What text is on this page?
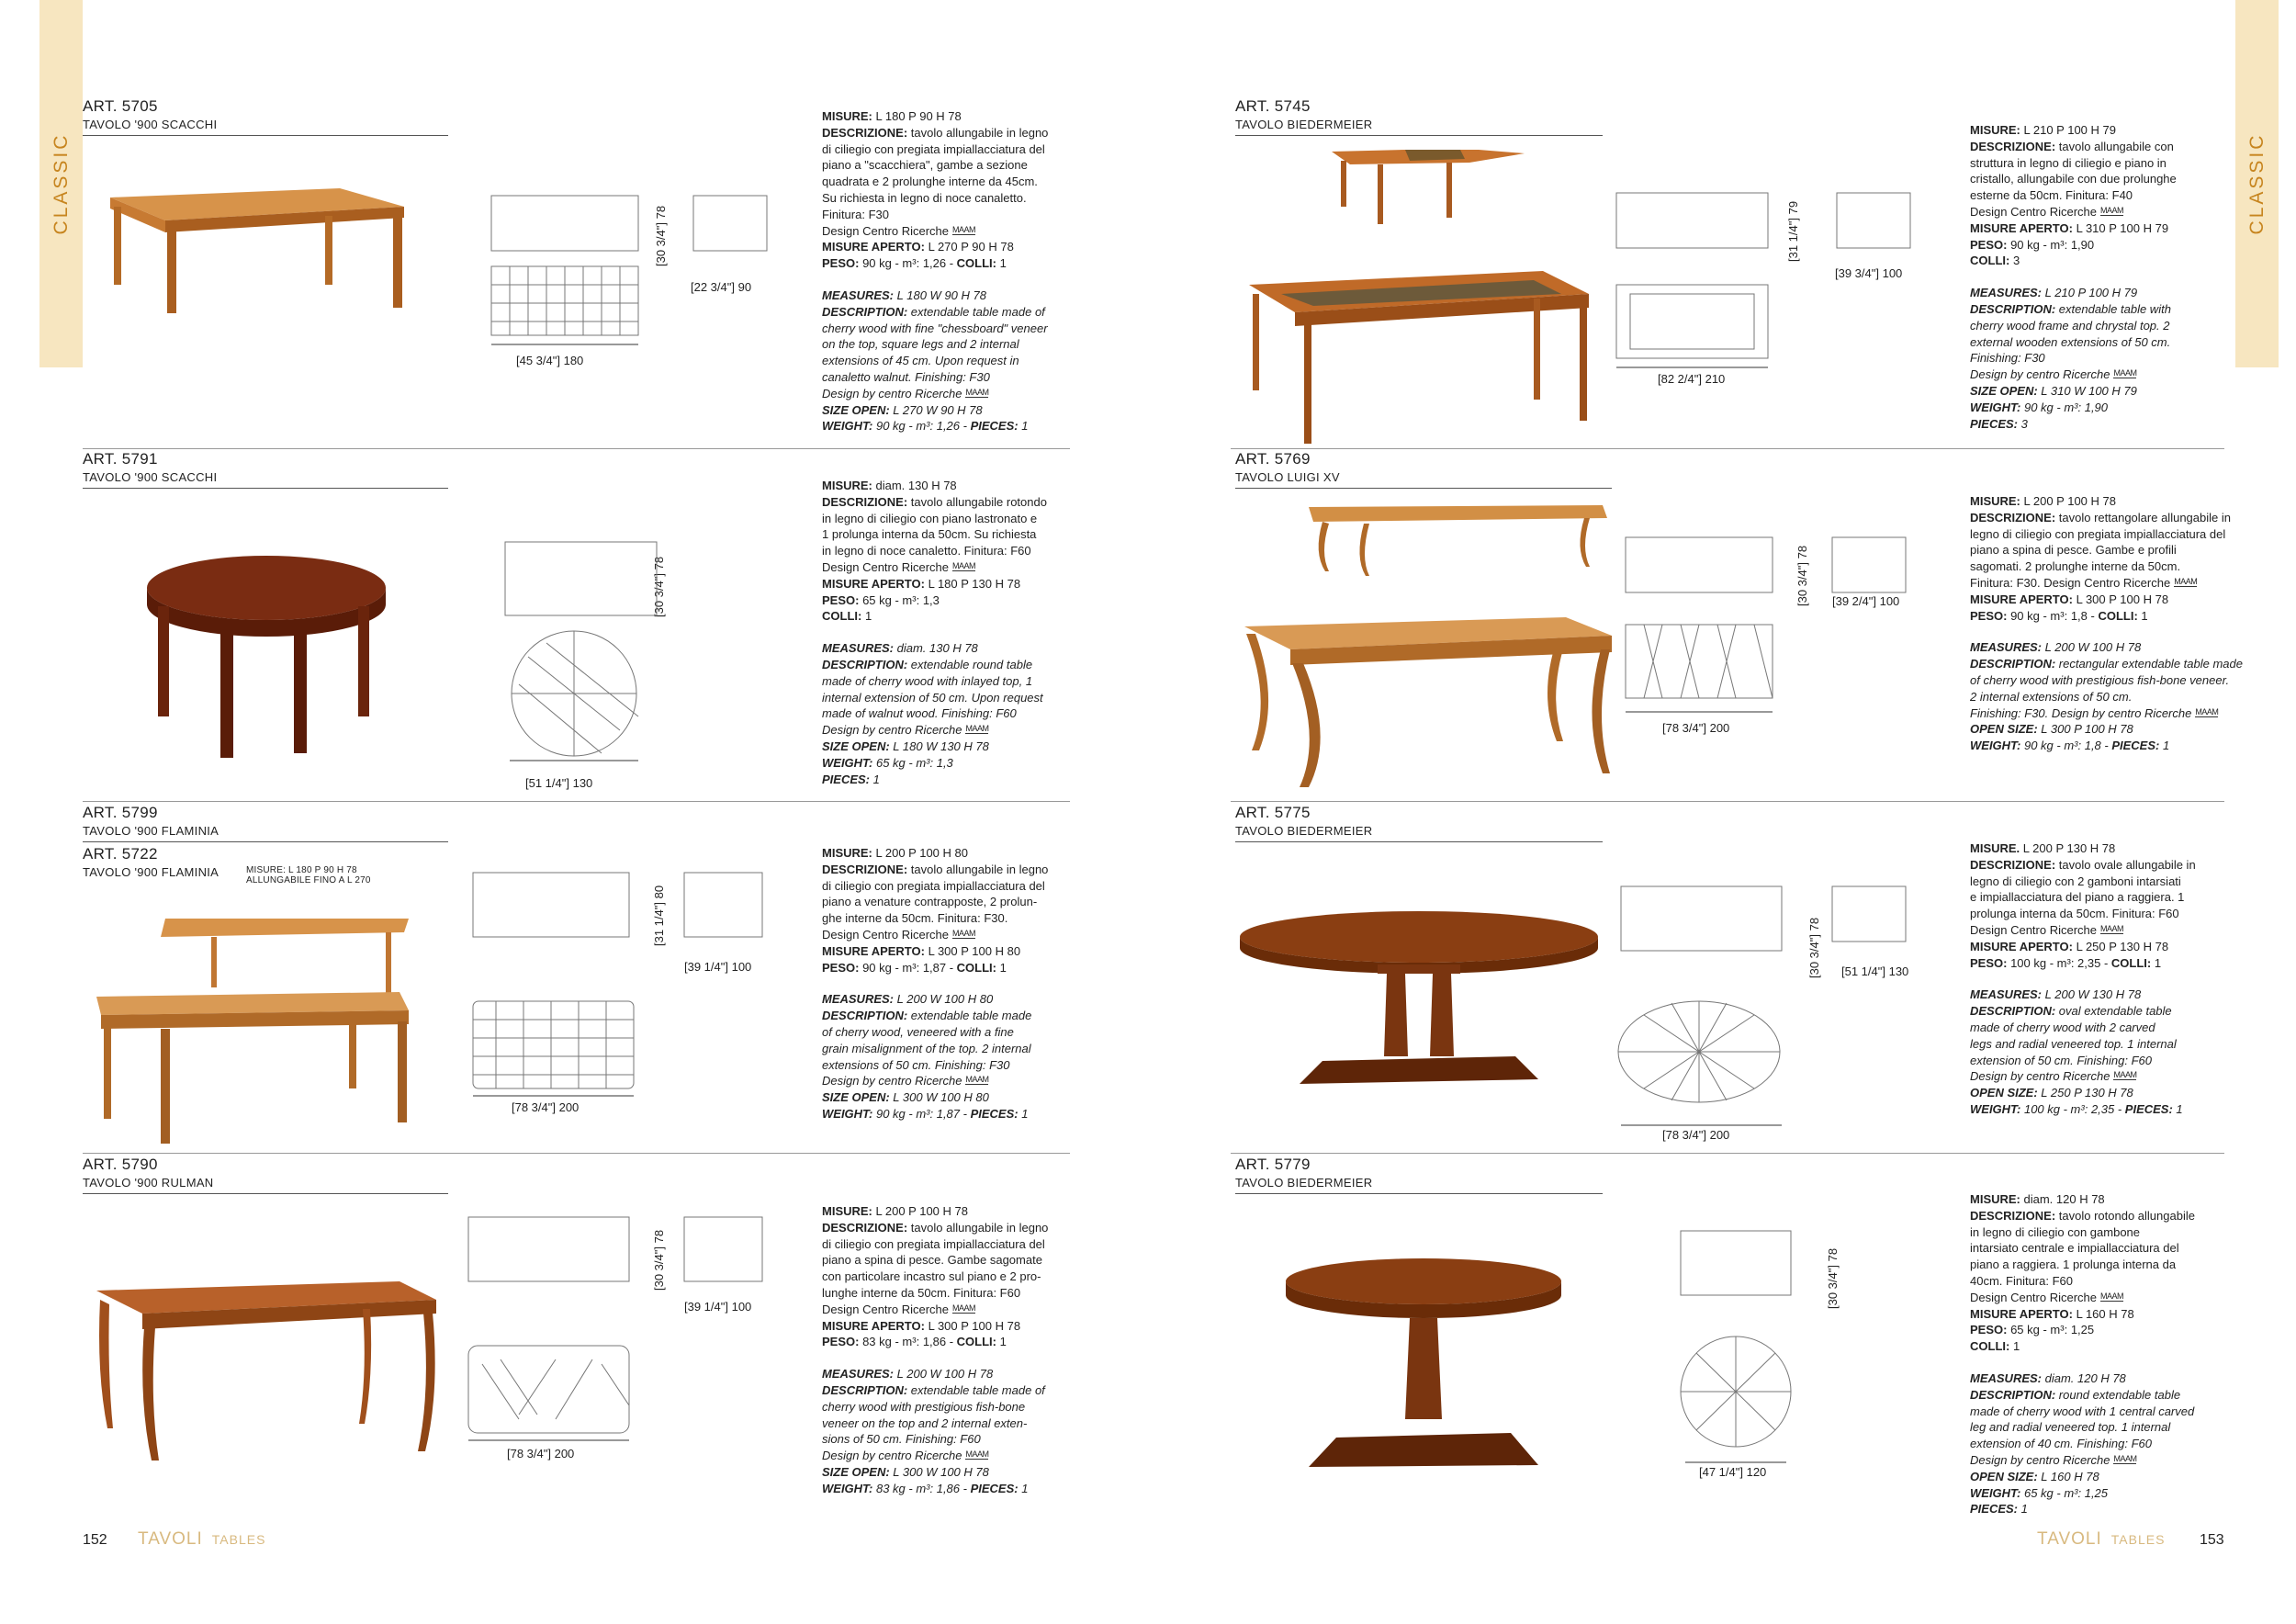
CLASSIC	CLASSIC
ART. 5705
TAVOLO '900 SCACCHI
ART. 5791
TAVOLO '900 SCACCHI
ART. 5799
TAVOLO '900 FLAMINIA
ART. 5790
TAVOLO '900 RULMAN
ART. 5745
TAVOLO BIEDERMEIER
ART. 5769
TAVOLO LUIGI XV
ART. 5775
TAVOLO BIEDERMEIER
ART. 5779
TAVOLO BIEDERMEIER

MISURE: L 180 P 90 H 78

DESCRIZIONE: tavolo allungabile in legno

di ciliegio con pregiata impiallacciatura del

piano a "scacchiera", gambe a sezione

quadrata e 2 prolunghe interne da 45cm.

Su richiesta in legno di noce canaletto.

Finitura: F30

Design Centro Ricerche MAAM

MISURE APERTO: L 270 P 90 H 78

PESO: 90 kg - m³: 1,26 - COLLI: 1

MEASURES: L 180 W 90 H 78

DESCRIPTION: extendable table made of

cherry wood with fine "chessboard" veneer

on the top, square legs and 2 internal

extensions of 45 cm. Upon request in

canaletto walnut. Finishing: F30

Design by centro Ricerche MAAM

SIZE OPEN: L 270 W 90 H 78

WEIGHT: 90 kg - m³: 1,26 - PIECES: 1

MISURE: diam. 130 H 78

DESCRIZIONE: tavolo allungabile rotondo

in legno di ciliegio con piano lastronato e

1 prolunga interna da 50cm. Su richiesta

in legno di noce canaletto. Finitura: F60

Design Centro Ricerche MAAM

MISURE APERTO: L 180 P 130 H 78

PESO: 65 kg - m³: 1,3

COLLI: 1

MEASURES: diam. 130 H 78

DESCRIPTION: extendable round table

made of cherry wood with inlayed top, 1

internal extension of 50 cm. Upon request

made of walnut wood. Finishing: F60

Design by centro Ricerche MAAM

SIZE OPEN: L 180 W 130 H 78

WEIGHT: 65 kg - m³: 1,3

PIECES: 1

MISURE: L 200 P 100 H 80

DESCRIZIONE: tavolo allungabile in legno

di ciliegio con pregiata impiallacciatura del

piano a venature contrapposte, 2 prolun-

ghe interne da 50cm. Finitura: F30.

Design Centro Ricerche MAAM

MISURE APERTO: L 300 P 100 H 80

PESO: 90 kg - m³: 1,87 - COLLI: 1

MEASURES: L 200 W 100 H 80

DESCRIPTION: extendable table made

of cherry wood, veneered with a fine

grain misalignment of the top. 2 internal

extensions of 50 cm. Finishing: F30

Design by centro Ricerche MAAM

SIZE OPEN: L 300 W 100 H 80

WEIGHT: 90 kg - m³: 1,87 - PIECES: 1

MISURE: L 200 P 100 H 78

DESCRIZIONE: tavolo allungabile in legno

di ciliegio con pregiata impiallacciatura del

piano a spina di pesce. Gambe sagomate

con particolare incastro sul piano e 2 pro-

lunghe interne da 50cm. Finitura: F60

Design Centro Ricerche MAAM

MISURE APERTO: L 300 P 100 H 78

PESO: 83 kg - m³: 1,86 - COLLI: 1

MEASURES: L 200 W 100 H 78

DESCRIPTION: extendable table made of

cherry wood with prestigious fish-bone

veneer on the top and 2 internal exten-

sions of 50 cm. Finishing: F60

Design by centro Ricerche MAAM

SIZE OPEN: L 300 W 100 H 78

WEIGHT: 83 kg - m³: 1,86 - PIECES: 1

MISURE: L 210 P 100 H 79

DESCRIZIONE: tavolo allungabile con

struttura in legno di ciliegio e piano in

cristallo, allungabile con due prolunghe

esterne da 50cm. Finitura: F40

Design Centro Ricerche MAAM

MISURE APERTO: L 310 P 100 H 79

PESO: 90 kg - m³: 1,90

COLLI: 3

MEASURES: L 210 P 100 H 79

DESCRIPTION: extendable table with

cherry wood frame and chrystal top. 2

external wooden extensions of 50 cm.

Finishing: F30

Design by centro Ricerche MAAM

SIZE OPEN: L 310 W 100 H 79

WEIGHT: 90 kg - m³: 1,90

PIECES: 3

MISURE: L 200 P 100 H 78

DESCRIZIONE: tavolo rettangolare allungabile in

legno di ciliegio con pregiata impiallacciatura del

piano a spina di pesce. Gambe e profili

sagomati. 2 prolunghe interne da 50cm.

Finitura: F30. Design Centro Ricerche MAAM

MISURE APERTO: L 300 P 100 H 78

PESO: 90 kg - m³: 1,8 - COLLI: 1

MEASURES: L 200 W 100 H 78

DESCRIPTION: rectangular extendable table made

of cherry wood with prestigious fish-bone veneer.

2 internal extensions of 50 cm.

Finishing: F30. Design by centro Ricerche MAAM

OPEN SIZE: L 300 P 100 H 78

WEIGHT: 90 kg - m³: 1,8 - PIECES: 1

MISURE. L 200 P 130 H 78

DESCRIZIONE: tavolo ovale allungabile in

legno di ciliegio con 2 gamboni intarsiati

e impiallacciatura del piano a raggiera. 1

prolunga interna da 50cm. Finitura: F60

Design Centro Ricerche MAAM

MISURE APERTO: L 250 P 130 H 78

PESO: 100 kg - m³: 2,35 - COLLI: 1

MEASURES: L 200 W 130 H 78

DESCRIPTION: oval extendable table

made of cherry wood with 2 carved

legs and radial veneered top. 1 internal

extension of 50 cm. Finishing: F60

Design by centro Ricerche MAAM

OPEN SIZE: L 250 P 130 H 78

WEIGHT: 100 kg - m³: 2,35 - PIECES: 1

MISURE: diam. 120 H 78

DESCRIZIONE: tavolo rotondo allungabile

in legno di ciliegio con gambone

intarsiato centrale e impiallacciatura del

piano a raggiera. 1 prolunga interna da

40cm. Finitura: F60

Design Centro Ricerche MAAM

MISURE APERTO: L 160 H 78

PESO: 65 kg - m³: 1,25

COLLI: 1

MEASURES: diam. 120 H 78

DESCRIPTION: round extendable table

made of cherry wood with 1 central carved

leg and radial veneered top. 1 internal

extension of 40 cm. Finishing: F60

Design by centro Ricerche MAAM

OPEN SIZE: L 160 H 78

WEIGHT: 65 kg - m³: 1,25

PIECES: 1

[30 3/4"] 78
[22 3/4"] 90
[45 3/4"] 180
[30 3/4"] 78
[51 1/4"] 130
[31 1/4"] 80
[39 1/4"] 100
[78 3/4"] 200
[30 3/4"] 78
[39 1/4"] 100
[78 3/4"] 200
[31 1/4"] 79
[39 3/4"] 100
[82 2/4"] 210
[30 3/4"] 78 [39 2/4"] 100
[78 3/4"] 200
[30 3/4"] 78 [51 1/4"] 130
[78 3/4"] 200
[30 3/4"] 78
[47 1/4"] 120
ART. 5722
TAVOLO '900 FLAMINIA	MISURE: L 180 P 90 H 78
ALLUNGABILE FINO A L 270
152 TAVOLI TABLES	TAVOLI TABLES 153
